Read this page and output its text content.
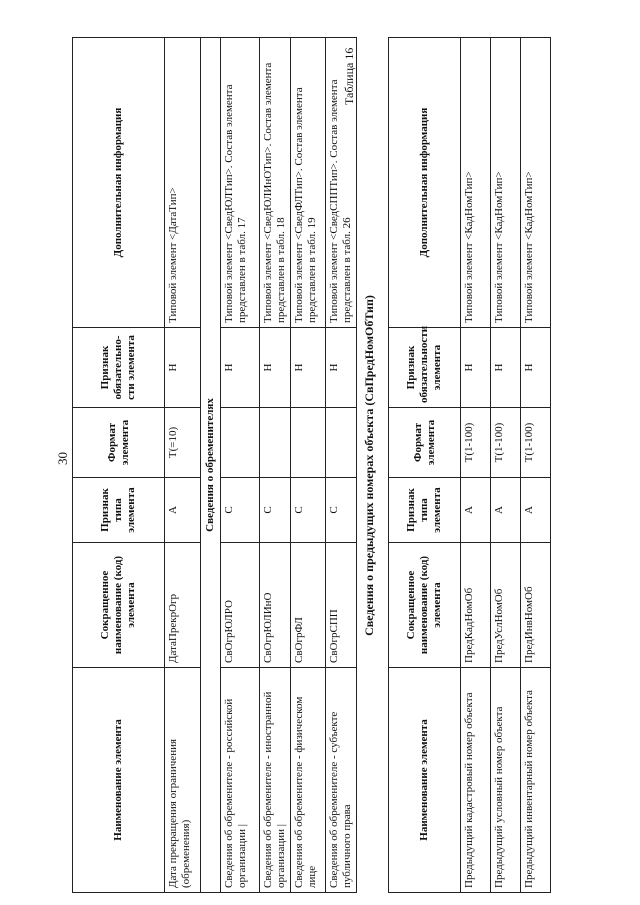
30
Наименование элемента	Сокращенное наименование (код) элемента	Признак типа элемента	Формат элемента	Признак обязательно-сти элемента	Дополнительная информация
Дата прекращения ограничения (обременения)	ДатаПрекрОгр	А	Т(=10)	Н	Типовой элемент <ДатаТип>
Сведения о обременителях					
Сведения об обременителе - российской организации |	СвОгрЮЛРО	С		Н	Типовой элемент <СведЮЛТип>. Состав элемента представлен в табл. 17
Сведения об обременителе - иностранной организации |	СвОгрЮЛИнО	С		Н	Типовой элемент <СведЮЛИнОТип>. Состав элемента представлен в табл. 18
Сведения об обременителе - физическом лице	СвОгрФЛ	С		Н	Типовой элемент <СведФЛТип>. Состав элемента представлен в табл. 19
Сведения об обременителе - субъекте публичного права	СвОгрСПП	С		Н	Типовой элемент <СведСППТип>. Состав элемента представлен в табл. 26
Таблица 16
Сведения о предыдущих номерах объекта (СвПредНомОбТип)
Наименование элемента	Сокращенное наименование (код) элемента	Признак типа элемента	Формат элемента	Признак обязательности элемента	Дополнительная информация
Предыдущий кадастровый номер объекта	ПредКадНомОб	А	Т(1-100)	Н	Типовой элемент <КадНомТип>
Предыдущий условный номер объекта	ПредУслНомОб	А	Т(1-100)	Н	Типовой элемент <КадНомТип>
Предыдущий инвентарный номер объекта	ПредИнвНомОб	А	Т(1-100)	Н	Типовой элемент <КадНомТип>
